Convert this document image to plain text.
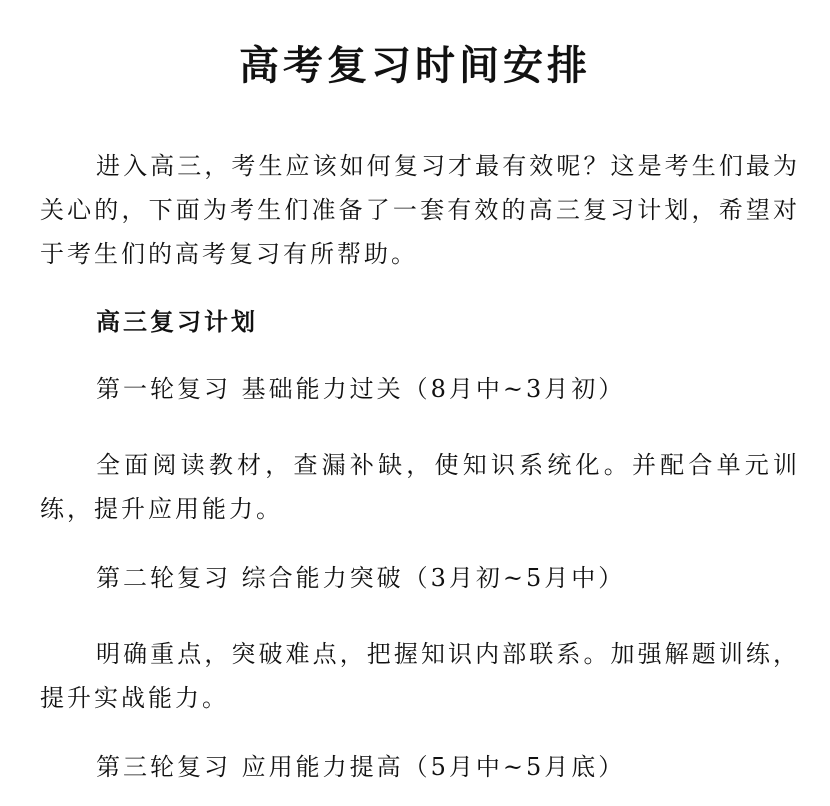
高考复习时间安排

进入高三，考生应该如何复习才最有效呢？这是考生们最为关心的，下面为考生们准备了一套有效的高三复习计划，希望对于考生们的高考复习有所帮助。

高三复习计划

第一轮复习 基础能力过关（8月中~3月初）

全面阅读教材，查漏补缺，使知识系统化。并配合单元训练，提升应用能力。

第二轮复习 综合能力突破（3月初~5月中）

明确重点，突破难点，把握知识内部联系。加强解题训练，提升实战能力。

第三轮复习 应用能力提高（5月中~5月底）
